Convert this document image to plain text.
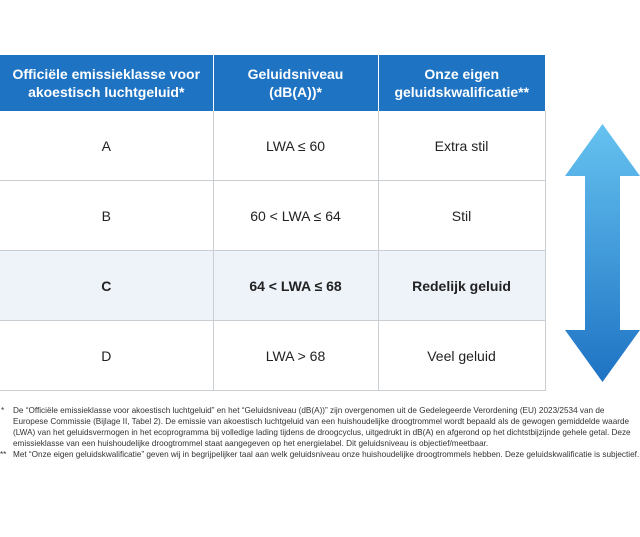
Officiële emissieklasse voor akoestisch luchtgeluid*	Geluidsniveau (dB(A))*	Onze eigen geluidskwalificatie**
A	LWA ≤ 60	Extra stil
B	60 < LWA ≤ 64	Stil
C	64 < LWA ≤ 68	Redelijk geluid
D	LWA > 68	Veel geluid
* De “Officiële emissieklasse voor akoestisch luchtgeluid” en het “Geluidsniveau (dB(A))” zijn overgenomen uit de Gedelegeerde Verordening (EU) 2023/2534 van de Europese Commissie (Bijlage II, Tabel 2). De emissie van akoestisch luchtgeluid van een huishoudelijke droogtrommel wordt bepaald als de gewogen gemiddelde waarde (LWA) van het geluidsvermogen in het ecoprogramma bij volledige lading tijdens de droogcyclus, uitgedrukt in dB(A) en afgerond op het dichtstbijzijnde gehele getal. Deze emissieklasse van een huishoudelijke droogtrommel staat aangegeven op het energielabel. Dit geluidsniveau is objectief/meetbaar.
** Met “Onze eigen geluidskwalificatie” geven wij in begrijpelijker taal aan welk geluidsniveau onze huishoudelijke droogtrommels hebben. Deze geluidskwalificatie is subjectief.
